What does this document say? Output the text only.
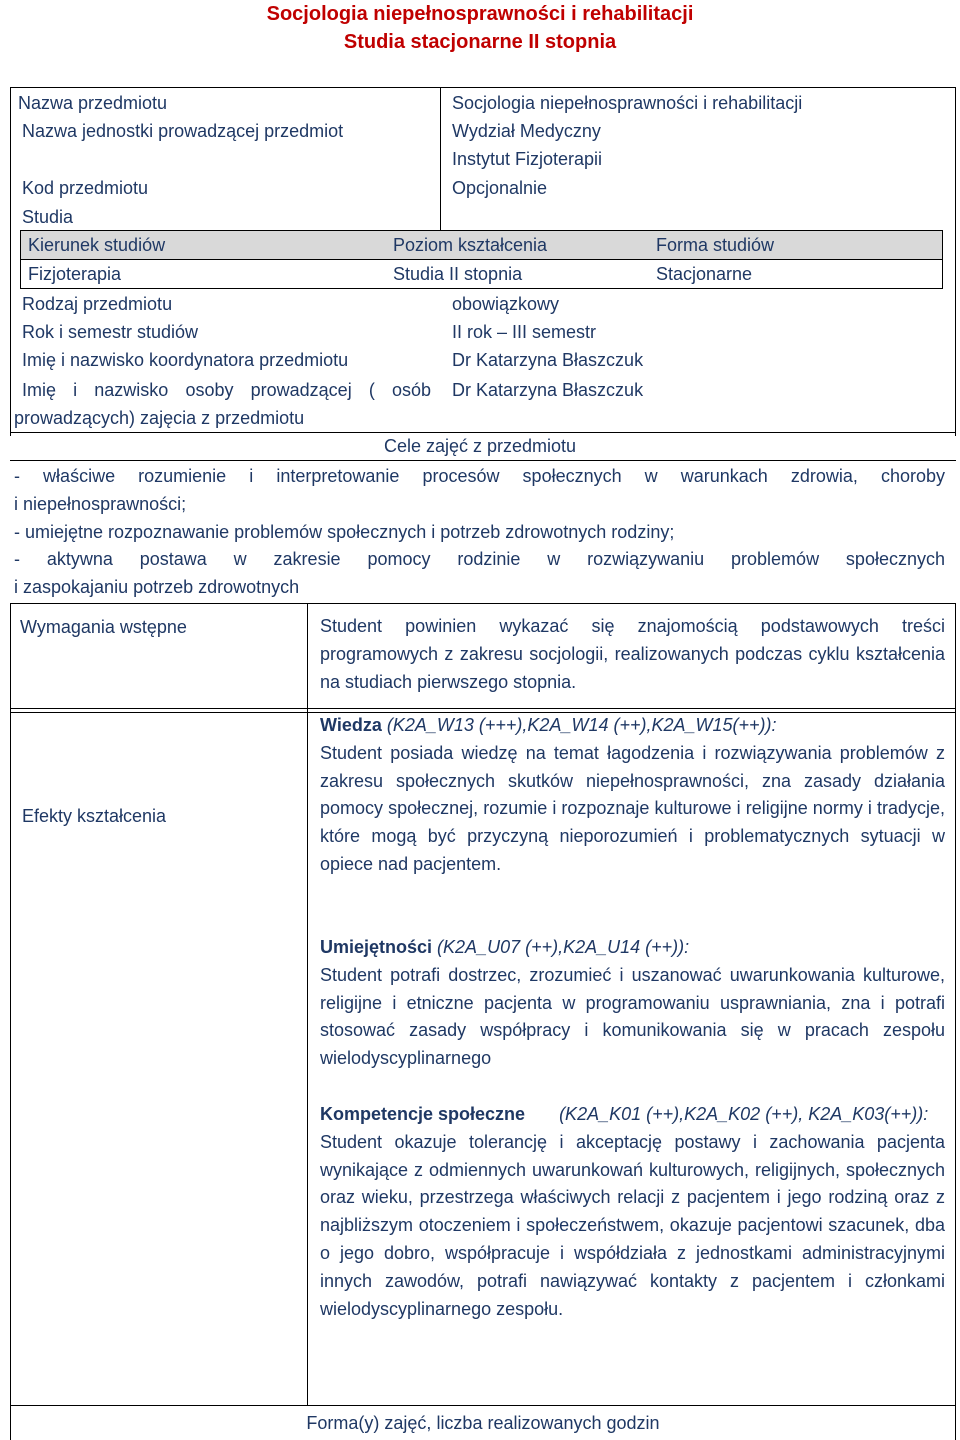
Socjologia niepełnosprawności i rehabilitacji
Studia stacjonarne II stopnia
Nazwa przedmiotu	Socjologia niepełnosprawności i rehabilitacji
Nazwa jednostki prowadzącej przedmiot	Wydział Medyczny
Instytut Fizjoterapii
Kod przedmiotu	Opcjonalnie
Studia
Kierunek studiów	Poziom kształcenia	Forma studiów
Fizjoterapia	Studia II stopnia	Stacjonarne
Rodzaj przedmiotu	obowiązkowy
Rok i semestr studiów	II rok – III semestr
Imię i nazwisko koordynatora przedmiotu	Dr Katarzyna Błaszczuk
Imię i nazwisko osoby prowadzącej ( osób
prowadzących) zajęcia z przedmiotu
Dr Katarzyna Błaszczuk
Cele zajęć z przedmiotu
- właściwe rozumienie i interpretowanie procesów społecznych w warunkach zdrowia, choroby
i niepełnosprawności;
- umiejętne rozpoznawanie problemów społecznych i potrzeb zdrowotnych rodziny;
- aktywna postawa w zakresie pomocy rodzinie w rozwiązywaniu problemów społecznych
i zaspokajaniu potrzeb zdrowotnych
Wymagania wstępne	Student powinien wykazać się znajomością podstawowych treści programowych z zakresu socjologii, realizowanych podczas cyklu kształcenia na studiach pierwszego stopnia.
Efekty kształcenia

Wiedza (K2A_W13 (+++),K2A_W14 (++),K2A_W15(++)):

Student posiada wiedzę na temat łagodzenia i rozwiązywania problemów z zakresu społecznych skutków niepełnosprawności, zna zasady działania pomocy społecznej, rozumie i rozpoznaje kulturowe i religijne normy i tradycje, które mogą być przyczyną nieporozumień i problematycznych sytuacji w opiece nad pacjentem.

Umiejętności (K2A_U07 (++),K2A_U14 (++)):

Student potrafi dostrzec, zrozumieć i uszanować uwarunkowania kulturowe, religijne i etniczne pacjenta w programowaniu usprawniania, zna i potrafi stosować zasady współpracy i komunikowania się w pracach zespołu wielodyscyplinarnego

Kompetencje społeczne (K2A_K01 (++),K2A_K02 (++), K2A_K03(++)):

Student okazuje tolerancję i akceptację postawy i zachowania pacjenta wynikające z odmiennych uwarunkowań kulturowych, religijnych, społecznych oraz wieku, przestrzega właściwych relacji z pacjentem i jego rodziną oraz z najbliższym otoczeniem i społeczeństwem, okazuje pacjentowi szacunek, dba o jego dobro, współpracuje i współdziała z jednostkami administracyjnymi innych zawodów, potrafi nawiązywać kontakty z pacjentem i członkami wielodyscyplinarnego zespołu.

Forma(y) zajęć, liczba realizowanych godzin
